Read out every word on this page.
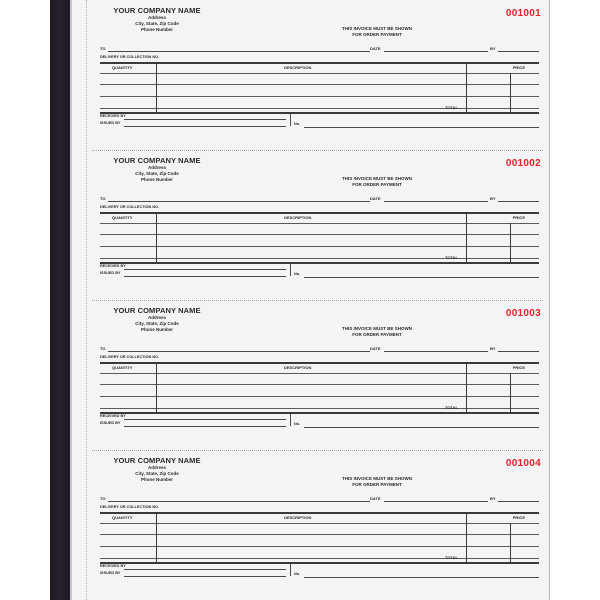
YOUR COMPANY NAME
Address
City, State, Zip Code
Phone Number	THIS INVOICE MUST BE SHOWN
FOR ORDER PAYMENT
001001
TO	DATE	BY
DELIVERY OR COLLECTION NO.
QUANTITY	DESCRIPTION	PRICE
TOTAL
RECEIVED BY
ISSUED BY	No.
YOUR COMPANY NAME
Address
City, State, Zip Code
Phone Number	THIS INVOICE MUST BE SHOWN
FOR ORDER PAYMENT
001002
TO	DATE	BY
DELIVERY OR COLLECTION NO.
QUANTITY	DESCRIPTION	PRICE
TOTAL
RECEIVED BY
ISSUED BY	No.
YOUR COMPANY NAME
Address
City, State, Zip Code
Phone Number	THIS INVOICE MUST BE SHOWN
FOR ORDER PAYMENT
001003
TO	DATE	BY
DELIVERY OR COLLECTION NO.
QUANTITY	DESCRIPTION	PRICE
TOTAL
RECEIVED BY
ISSUED BY	No.
YOUR COMPANY NAME
Address
City, State, Zip Code
Phone Number	THIS INVOICE MUST BE SHOWN
FOR ORDER PAYMENT
001004
TO	DATE	BY
DELIVERY OR COLLECTION NO.
QUANTITY	DESCRIPTION	PRICE
TOTAL
RECEIVED BY
ISSUED BY	No.
